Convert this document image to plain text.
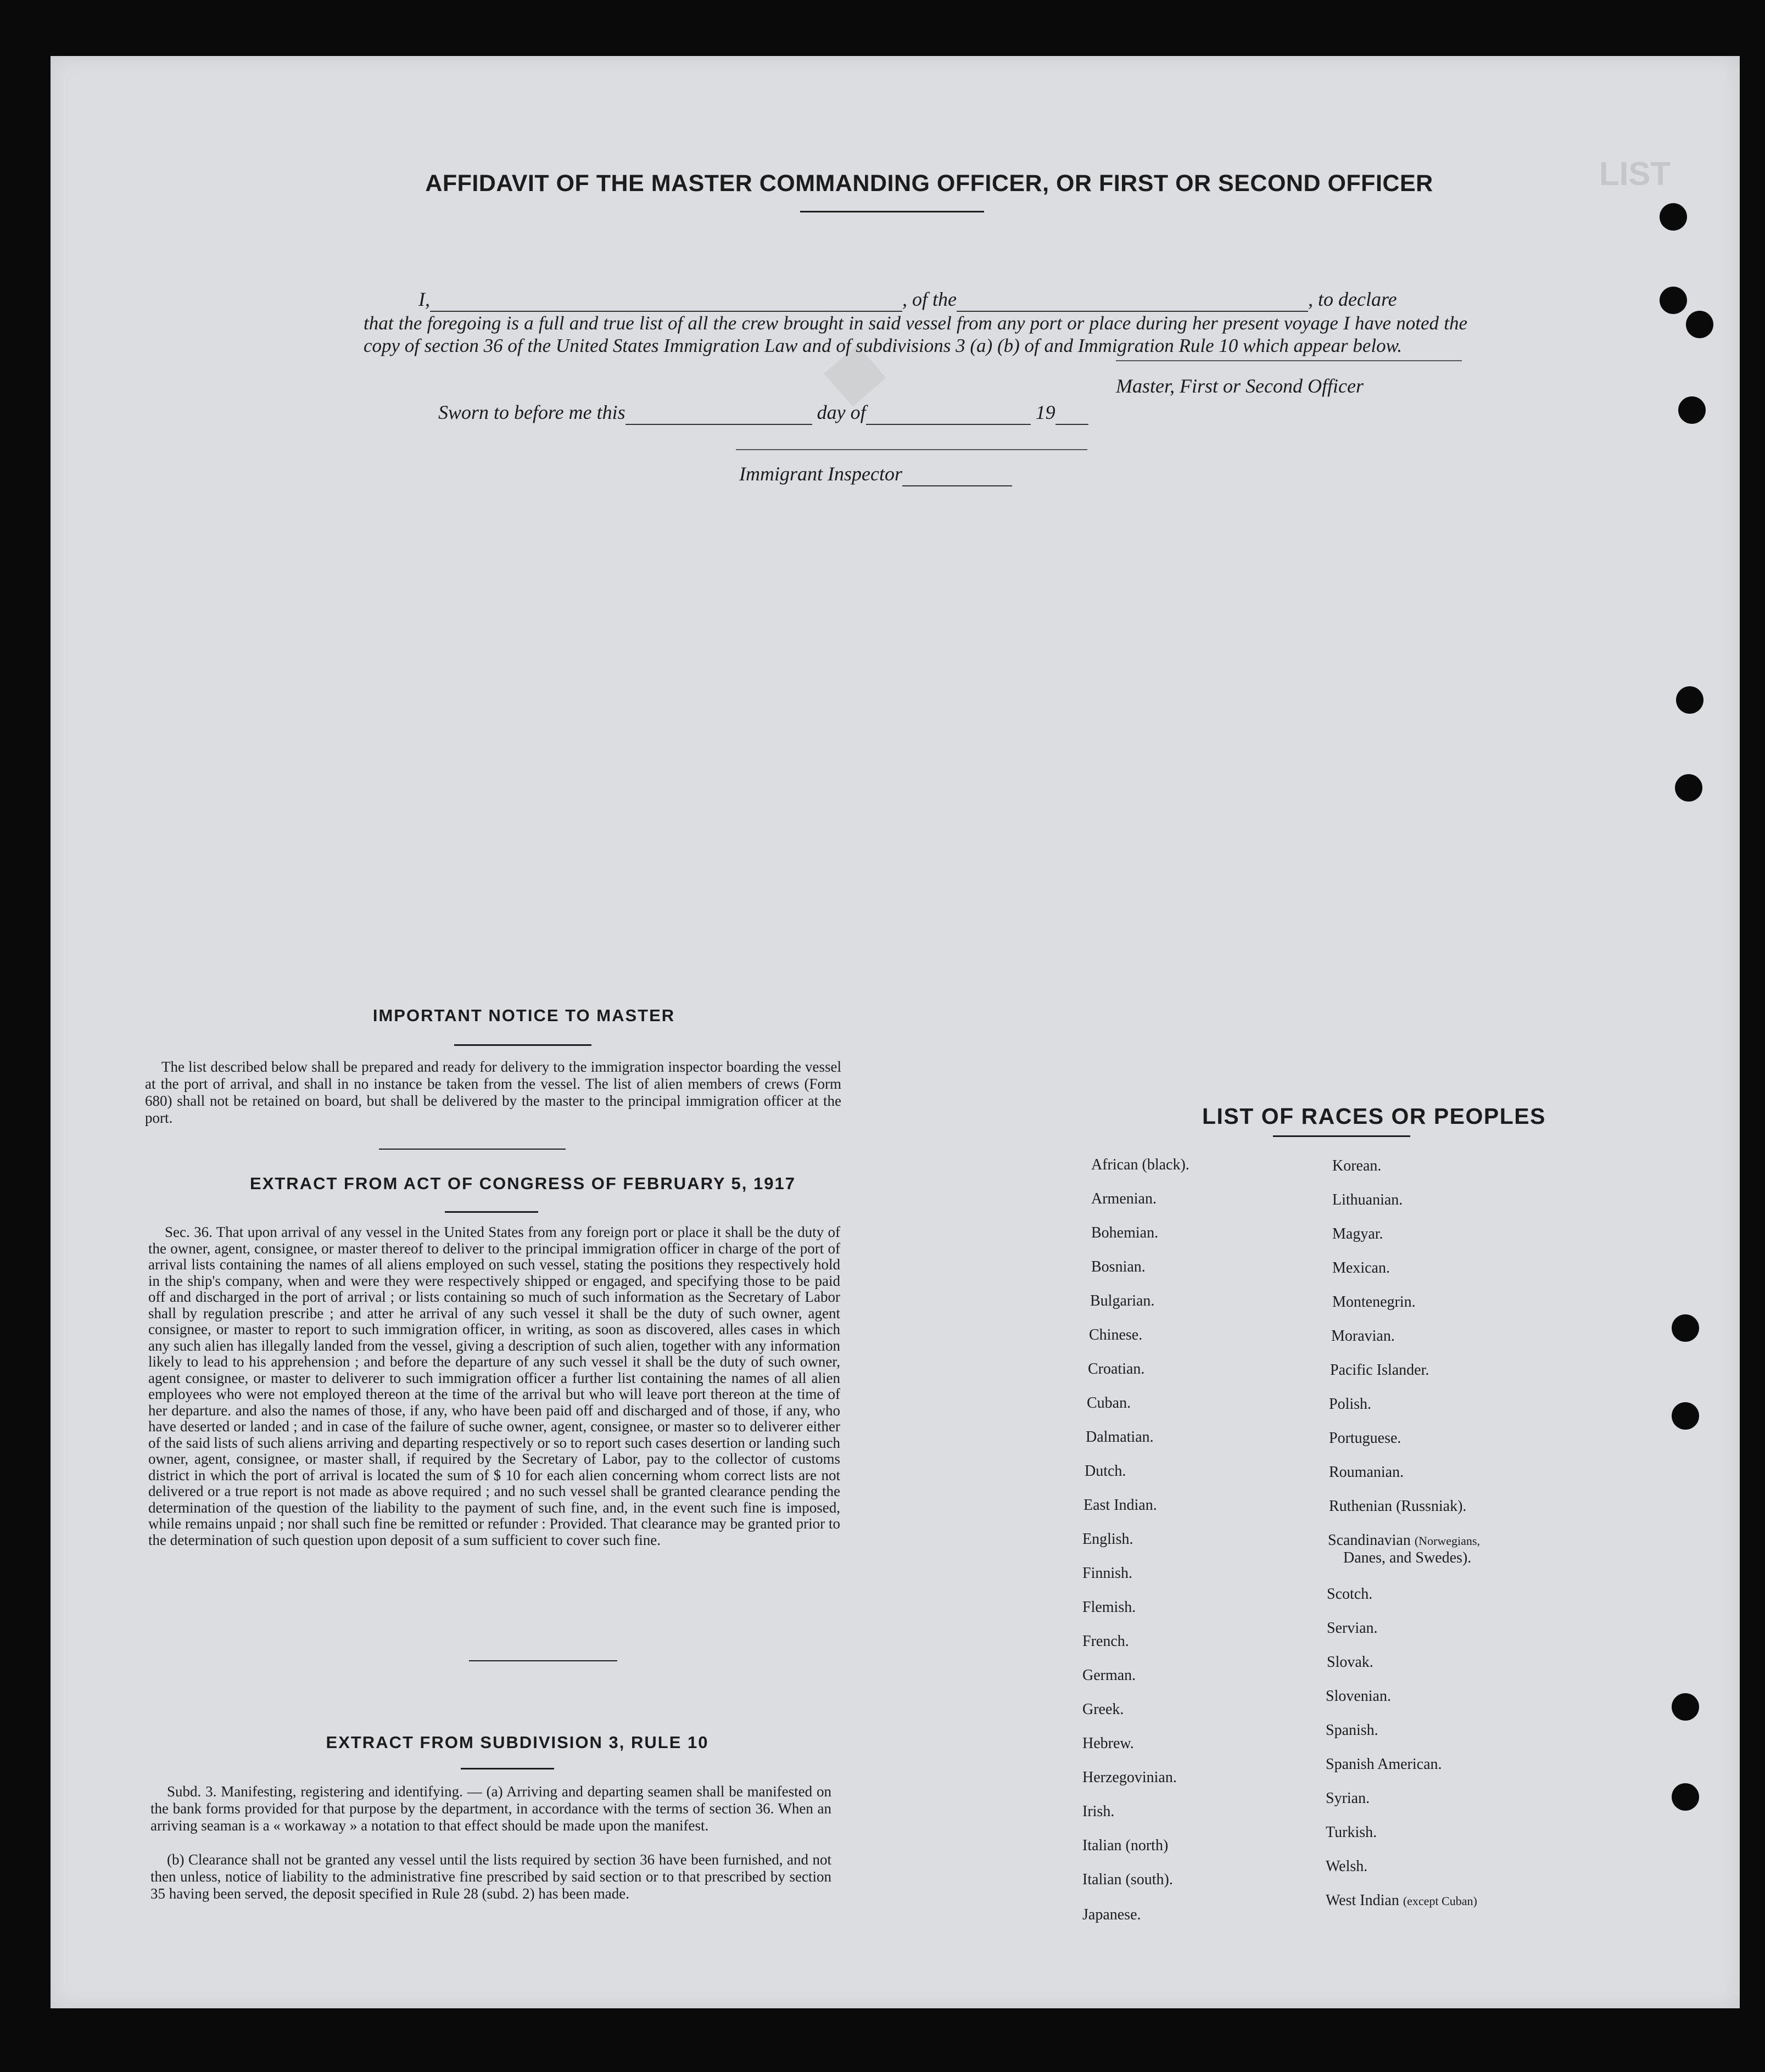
LIST
◆
AFFIDAVIT OF THE MASTER COMMANDING OFFICER, OR FIRST OR SECOND OFFICER
I,	, of the	, to declare
that the foregoing is a full and true list of all the crew brought in said vessel from any port or place during her present voyage I have noted the copy of section 36 of the United States Immigration Law and of subdivisions 3 (a) (b) of and Immigration Rule 10 which appear below.
Master, First or Second Officer
Sworn to before me this	day of	19
Immigrant Inspector
IMPORTANT NOTICE TO MASTER
The list described below shall be prepared and ready for delivery to the immigration inspector boarding the vessel at the port of arrival, and shall in no instance be taken from the vessel. The list of alien members of crews (Form 680) shall not be retained on board, but shall be delivered by the master to the principal immigration officer at the port.
EXTRACT FROM ACT OF CONGRESS OF FEBRUARY 5, 1917
Sec. 36. That upon arrival of any vessel in the United States from any foreign port or place it shall be the duty of the owner, agent, consignee, or master thereof to deliver to the principal immigration officer in charge of the port of arrival lists containing the names of all aliens employed on such vessel, stating the positions they respectively hold in the ship's company, when and were they were respectively shipped or engaged, and specifying those to be paid off and discharged in the port of arrival ; or lists containing so much of such information as the Secretary of Labor shall by regulation prescribe ; and atter he arrival of any such vessel it shall be the duty of such owner, agent consignee, or master to report to such immigration officer, in writing, as soon as discovered, alles cases in which any such alien has illegally landed from the vessel, giving a description of such alien, together with any information likely to lead to his apprehension ; and before the departure of any such vessel it shall be the duty of such owner, agent consignee, or master to deliverer to such immigration officer a further list containing the names of all alien employees who were not employed thereon at the time of the arrival but who will leave port thereon at the time of her departure. and also the names of those, if any, who have been paid off and discharged and of those, if any, who have deserted or landed ; and in case of the failure of suche owner, agent, consignee, or master so to deliverer either of the said lists of such aliens arriving and departing respectively or so to report such cases desertion or landing such owner, agent, consignee, or master shall, if required by the Secretary of Labor, pay to the collector of customs district in which the port of arrival is located the sum of $ 10 for each alien concerning whom correct lists are not delivered or a true report is not made as above required ; and no such vessel shall be granted clearance pending the determination of the question of the liability to the payment of such fine, and, in the event such fine is imposed, while remains unpaid ; nor shall such fine be remitted or refunder : Provided. That clearance may be granted prior to the determination of such question upon deposit of a sum sufficient to cover such fine.
EXTRACT FROM SUBDIVISION 3, RULE 10
Subd. 3. Manifesting, registering and identifying. — (a) Arriving and departing seamen shall be manifested on the bank forms provided for that purpose by the department, in accordance with the terms of section 36. When an arriving seaman is a « workaway » a notation to that effect should be made upon the manifest.
(b) Clearance shall not be granted any vessel until the lists required by section 36 have been furnished, and not then unless, notice of liability to the administrative fine prescribed by said section or to that prescribed by section 35 having been served, the deposit specified in Rule 28 (subd. 2) has been made.
LIST OF RACES OR PEOPLES
African (black).
Armenian.
Bohemian.
Bosnian.
Bulgarian.
Chinese.
Croatian.
Cuban.
Dalmatian.
Dutch.
East Indian.
English.
Finnish.
Flemish.
French.
German.
Greek.
Hebrew.
Herzegovinian.
Irish.
Italian (north)
Italian (south).
Japanese.
Korean.
Lithuanian.
Magyar.
Mexican.
Montenegrin.
Moravian.
Pacific Islander.
Polish.
Portuguese.
Roumanian.
Ruthenian (Russniak).
Scandinavian (Norwegians,
Danes, and Swedes).
Scotch.
Servian.
Slovak.
Slovenian.
Spanish.
Spanish American.
Syrian.
Turkish.
Welsh.
West Indian (except Cuban)
